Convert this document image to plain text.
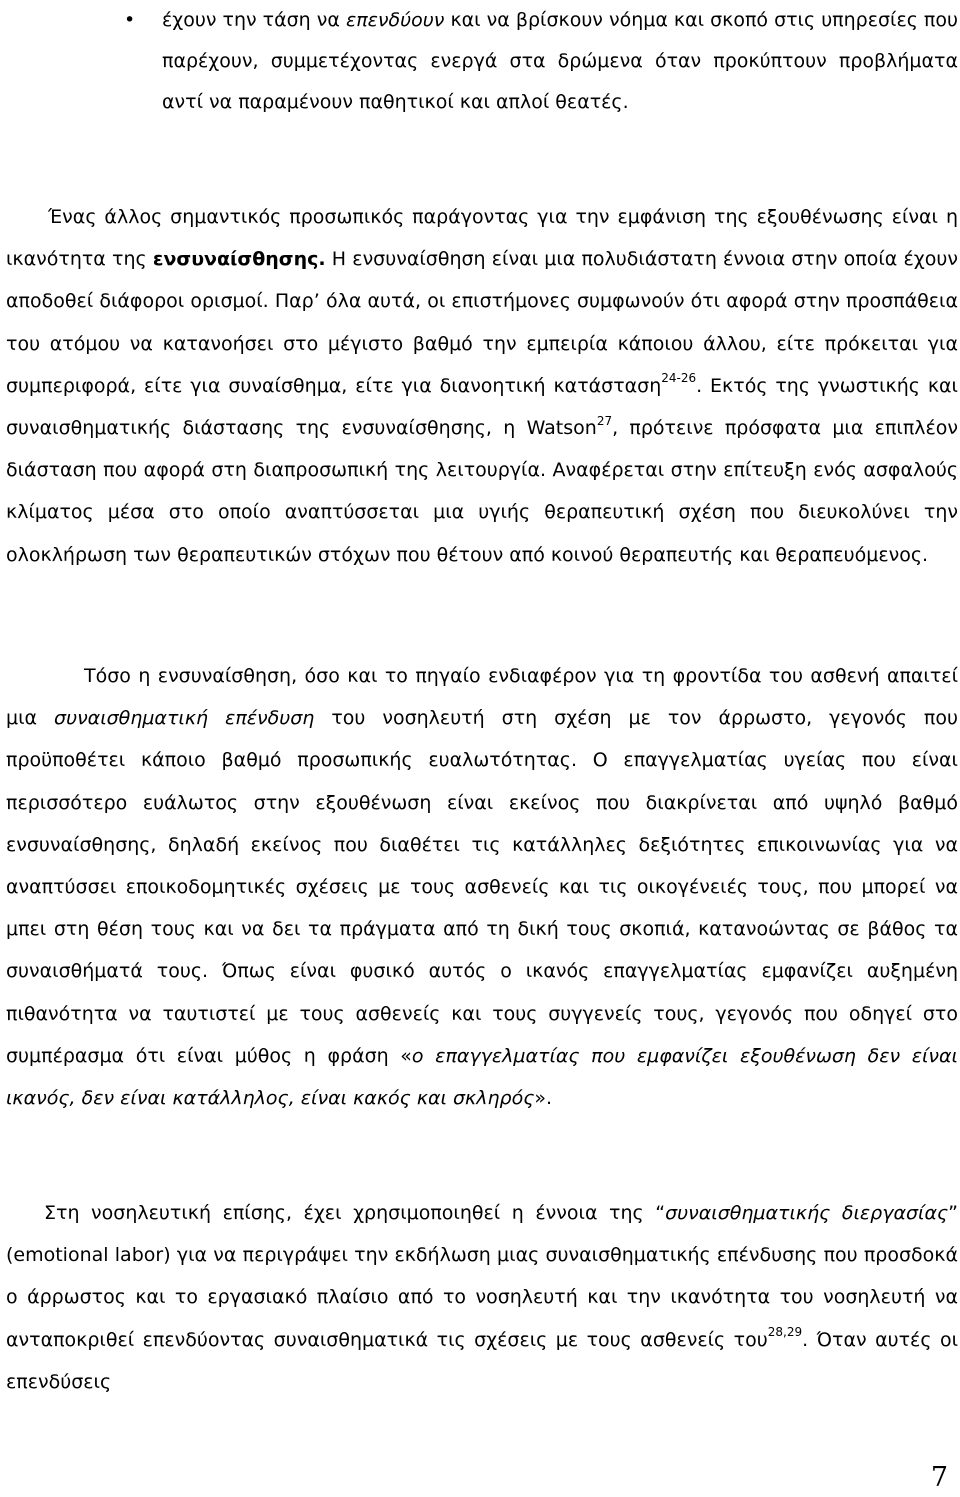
• έχουν την τάση να επενδύουν και να βρίσκουν νόημα και σκοπό στις υπηρεσίες που παρέχουν, συμμετέχοντας ενεργά στα δρώμενα όταν προκύπτουν προβλήματα αντί να παραμένουν παθητικοί και απλοί θεατές.
Ένας άλλος σημαντικός προσωπικός παράγοντας για την εμφάνιση της εξουθένωσης είναι η ικανότητα της ενσυναίσθησης. Η ενσυναίσθηση είναι μια πολυδιάστατη έννοια στην οποία έχουν αποδοθεί διάφοροι ορισμοί. Παρ’ όλα αυτά, οι επιστήμονες συμφωνούν ότι αφορά στην προσπάθεια του ατόμου να κατανοήσει στο μέγιστο βαθμό την εμπειρία κάποιου άλλου, είτε πρόκειται για συμπεριφορά, είτε για συναίσθημα, είτε για διανοητική κατάσταση$^{24-26}$. Εκτός της γνωστικής και συναισθηματικής διάστασης της ενσυναίσθησης, η Watson$^{27}$, πρότεινε πρόσφατα μια επιπλέον διάσταση που αφορά στη διαπροσωπική της λειτουργία. Αναφέρεται στην επίτευξη ενός ασφαλούς κλίματος μέσα στο οποίο αναπτύσσεται μια υγιής θεραπευτική σχέση που διευκολύνει την ολοκλήρωση των θεραπευτικών στόχων που θέτουν από κοινού θεραπευτής και θεραπευόμενος.
Τόσο η ενσυναίσθηση, όσο και το πηγαίο ενδιαφέρον για τη φροντίδα του ασθενή απαιτεί μια συναισθηματική επένδυση του νοσηλευτή στη σχέση με τον άρρωστο, γεγονός που προϋποθέτει κάποιο βαθμό προσωπικής ευαλωτότητας. Ο επαγγελματίας υγείας που είναι περισσότερο ευάλωτος στην εξουθένωση είναι εκείνος που διακρίνεται από υψηλό βαθμό ενσυναίσθησης, δηλαδή εκείνος που διαθέτει τις κατάλληλες δεξιότητες επικοινωνίας για να αναπτύσσει εποικοδομητικές σχέσεις με τους ασθενείς και τις οικογένειές τους, που μπορεί να μπει στη θέση τους και να δει τα πράγματα από τη δική τους σκοπιά, κατανοώντας σε βάθος τα συναισθήματά τους. Όπως είναι φυσικό αυτός ο ικανός επαγγελματίας εμφανίζει αυξημένη πιθανότητα να ταυτιστεί με τους ασθενείς και τους συγγενείς τους, γεγονός που οδηγεί στο συμπέρασμα ότι είναι μύθος η φράση «ο επαγγελματίας που εμφανίζει εξουθένωση δεν είναι ικανός, δεν είναι κατάλληλος, είναι κακός και σκληρός».
Στη νοσηλευτική επίσης, έχει χρησιμοποιηθεί η έννοια της “συναισθηματικής διεργασίας” (emotional labor) για να περιγράψει την εκδήλωση μιας συναισθηματικής επένδυσης που προσδοκά ο άρρωστος και το εργασιακό πλαίσιο από το νοσηλευτή και την ικανότητα του νοσηλευτή να ανταποκριθεί επενδύοντας συναισθηματικά τις σχέσεις με τους ασθενείς του$^{28,29}$. Όταν αυτές οι επενδύσεις
7
